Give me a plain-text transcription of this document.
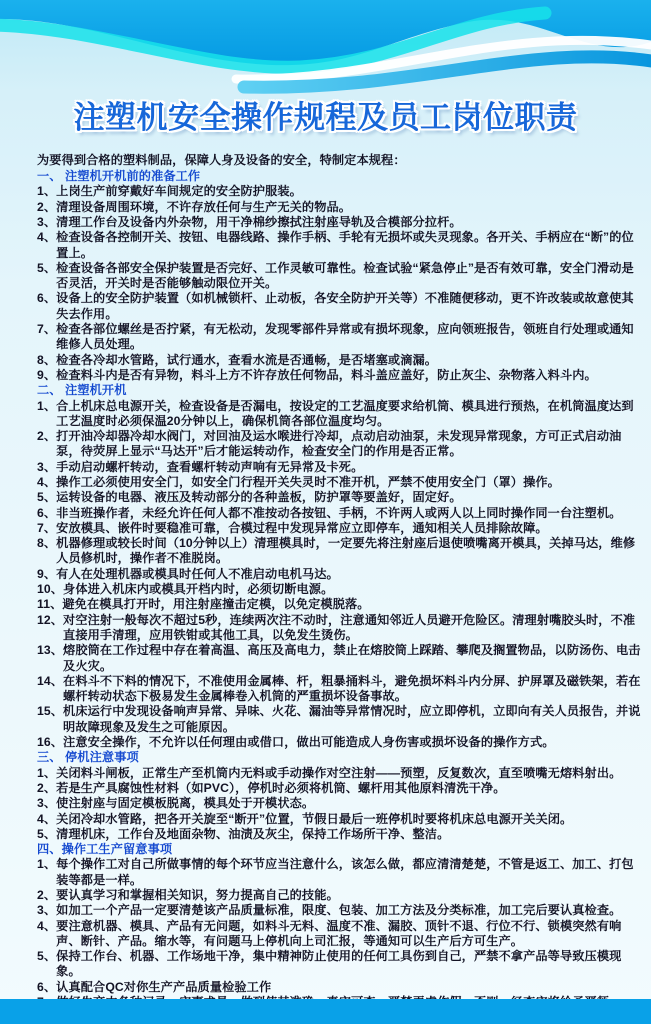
注塑机安全操作规程及员工岗位职责

为要得到合格的塑料制品，保障人身及设备的安全，特制定本规程：

一、 注塑机开机前的准备工作
1、 上岗生产前穿戴好车间规定的安全防护服装。
2、 清理设备周围环境，不许存放任何与生产无关的物品。
3、 清理工作台及设备内外杂物，用干净棉纱擦拭注射座导轨及合模部分拉杆。
4、 检查设备各控制开关、按钮、电器线路、操作手柄、手轮有无损坏或失灵现象。各开关、手柄应在“断”的位置上。
5、 检查设备各部安全保护装置是否完好、工作灵敏可靠性。检查试验“紧急停止”是否有效可靠，安全门滑动是否灵活，开关时是否能够触动限位开关。
6、 设备上的安全防护装置（如机械锁杆、止动板，各安全防护开关等）不准随便移动，更不许改装或故意使其失去作用。
7、 检查各部位螺丝是否拧紧，有无松动，发现零部件异常或有损坏现象，应向领班报告，领班自行处理或通知维修人员处理。
8、 检查各冷却水管路，试行通水，查看水流是否通畅，是否堵塞或滴漏。
9、 检查料斗内是否有异物，料斗上方不许存放任何物品，料斗盖应盖好，防止灰尘、杂物落入料斗内。
二、 注塑机开机
1、 合上机床总电源开关，检查设备是否漏电，按设定的工艺温度要求给机筒、模具进行预热，在机筒温度达到工艺温度时必须保温20分钟以上，确保机筒各部位温度均匀。
2、 打开油冷却器冷却水阀门，对回油及运水喉进行冷却，点动启动油泵，未发现异常现象，方可正式启动油泵，待荧屏上显示“马达开”后才能运转动作，检查安全门的作用是否正常。
3、 手动启动螺杆转动，查看螺杆转动声响有无异常及卡死。
4、 操作工必须使用安全门，如安全门行程开关失灵时不准开机，严禁不使用安全门（罩）操作。
5、 运转设备的电器、液压及转动部分的各种盖板，防护罩等要盖好，固定好。
6、 非当班操作者，未经允许任何人都不准按动各按钮、手柄，不许两人或两人以上同时操作同一台注塑机。
7、 安放模具、嵌件时要稳准可靠，合模过程中发现异常应立即停车，通知相关人员排除故障。
8、 机器修理或较长时间（10分钟以上）清理模具时，一定要先将注射座后退使喷嘴离开模具，关掉马达，维修人员修机时，操作者不准脱岗。
9、 有人在处理机器或模具时任何人不准启动电机马达。
10、 身体进入机床内或模具开档内时，必须切断电源。
11、 避免在模具打开时，用注射座撞击定模，以免定模脱落。
12、 对空注射一般每次不超过5秒，连续两次注不动时，注意通知邻近人员避开危险区。清理射嘴胶头时，不准直接用手清理，应用铁钳或其他工具，以免发生烫伤。
13、 熔胶筒在工作过程中存在着高温、高压及高电力，禁止在熔胶筒上踩踏、攀爬及搁置物品，以防汤伤、电击及火灾。
14、 在料斗不下料的情况下，不准使用金属棒、杆，粗暴捅料斗，避免损坏料斗内分屏、护屏罩及磁铁架，若在螺杆转动状态下极易发生金属棒卷入机筒的严重损坏设备事故。
15、 机床运行中发现设备响声异常、异味、火花、漏油等异常情况时，应立即停机，立即向有关人员报告，并说明故障现象及发生之可能原因。
16、 注意安全操作，不允许以任何理由或借口，做出可能造成人身伤害或损坏设备的操作方式。
三、 停机注意事项
1、 关闭料斗闸板，正常生产至机筒内无料或手动操作对空注射——预塑，反复数次，直至喷嘴无熔料射出。
2、 若是生产具腐蚀性材料（如PVC），停机时必须将机筒、螺杆用其他原料清洗干净。
3、 使注射座与固定模板脱离，模具处于开模状态。
4、 关闭冷却水管路，把各开关旋至“断开”位置，节假日最后一班停机时要将机床总电源开关关闭。
5、 清理机床，工作台及地面杂物、油渍及灰尘，保持工作场所干净、整洁。
四、操作工生产留意事项
1、 每个操作工对自己所做事情的每个环节应当注意什么，该怎么做，都应清清楚楚，不管是返工、加工、打包装等都是一样。
2、 要认真学习和掌握相关知识，努力提高自己的技能。
3、 如加工一个产品一定要清楚该产品质量标准，限度、包装、加工方法及分类标准，加工完后要认真检查。
4、 要注意机器、模具、产品有无问题，如料斗无料、温度不准、漏胶、顶针不退、行位不行、锁模突然有响声、断针、产品。缩水等，有问题马上停机向上司汇报，等通知可以生产后方可生产。
5、 保持工作台、机器、工作场地干净，集中精神防止使用的任何工具伤到自己，严禁不拿产品等导致压模现象。
6、 认真配合QC对你生产产品质量检验工作
